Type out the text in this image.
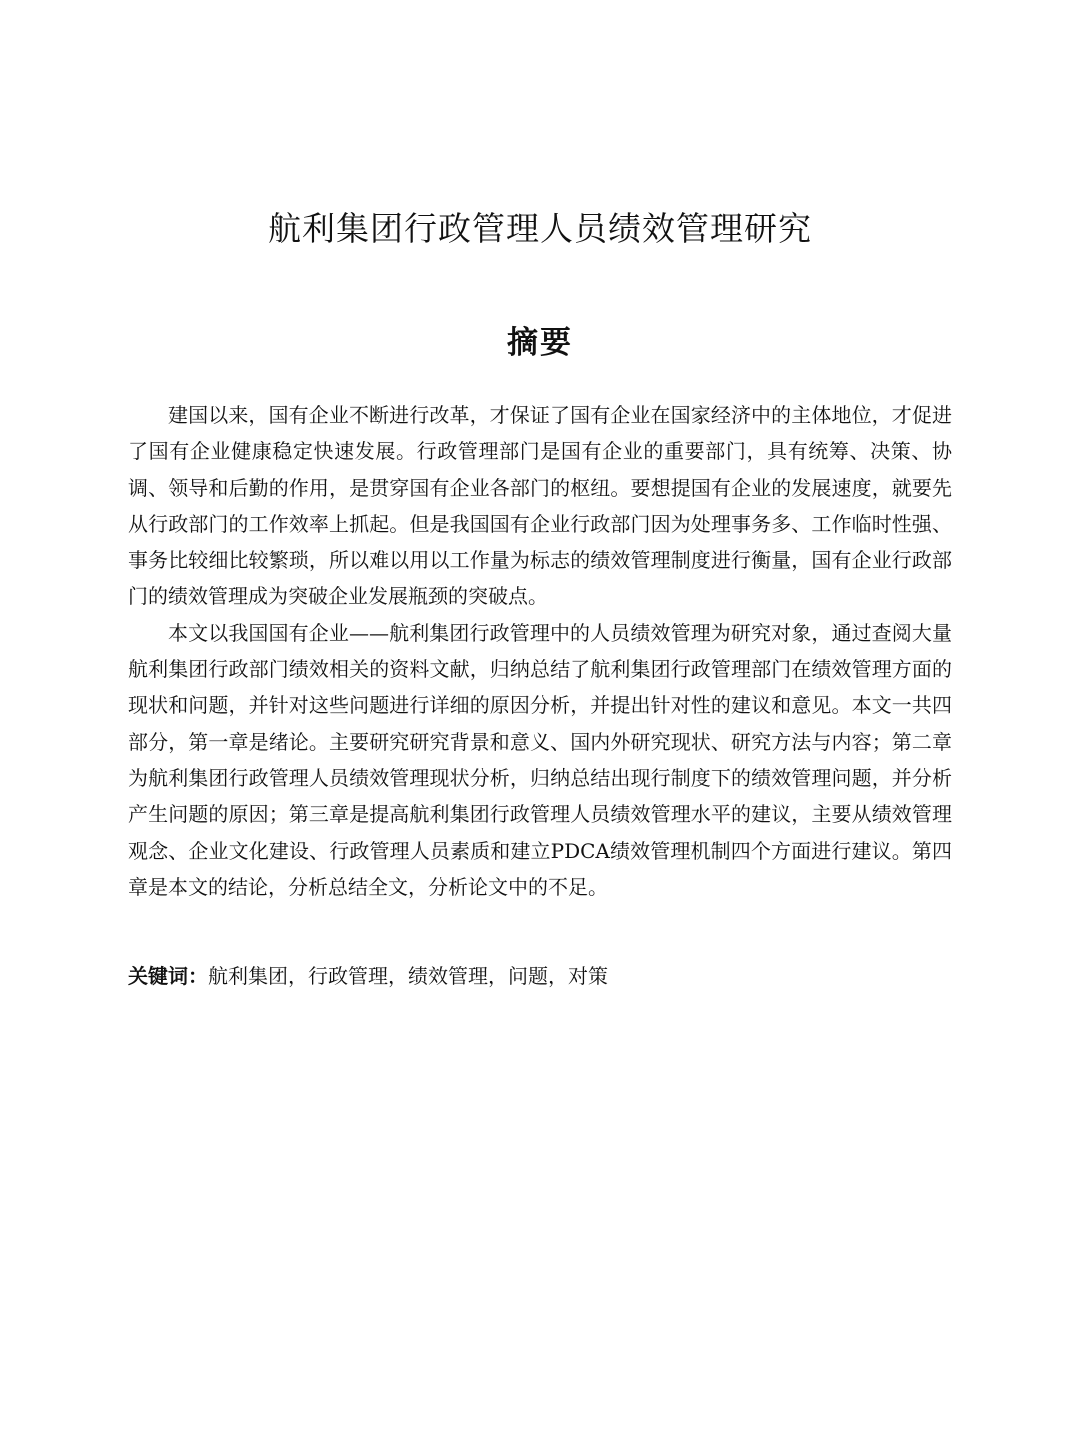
航利集团行政管理人员绩效管理研究
摘要

建国以来，国有企业不断进行改革，才保证了国有企业在国家经济中的主体地位，才促进了国有企业健康稳定快速发展。行政管理部门是国有企业的重要部门，具有统筹、决策、协调、领导和后勤的作用，是贯穿国有企业各部门的枢纽。要想提国有企业的发展速度，就要先从行政部门的工作效率上抓起。但是我国国有企业行政部门因为处理事务多、工作临时性强、事务比较细比较繁琐，所以难以用以工作量为标志的绩效管理制度进行衡量，国有企业行政部门的绩效管理成为突破企业发展瓶颈的突破点。

本文以我国国有企业——航利集团行政管理中的人员绩效管理为研究对象，通过查阅大量航利集团行政部门绩效相关的资料文献，归纳总结了航利集团行政管理部门在绩效管理方面的现状和问题，并针对这些问题进行详细的原因分析，并提出针对性的建议和意见。本文一共四部分，第一章是绪论。主要研究研究背景和意义、国内外研究现状、研究方法与内容；第二章为航利集团行政管理人员绩效管理现状分析，归纳总结出现行制度下的绩效管理问题，并分析产生问题的原因；第三章是提高航利集团行政管理人员绩效管理水平的建议，主要从绩效管理观念、企业文化建设、行政管理人员素质和建立PDCA绩效管理机制四个方面进行建议。第四章是本文的结论，分析总结全文，分析论文中的不足。

关键词：航利集团，行政管理，绩效管理，问题，对策
